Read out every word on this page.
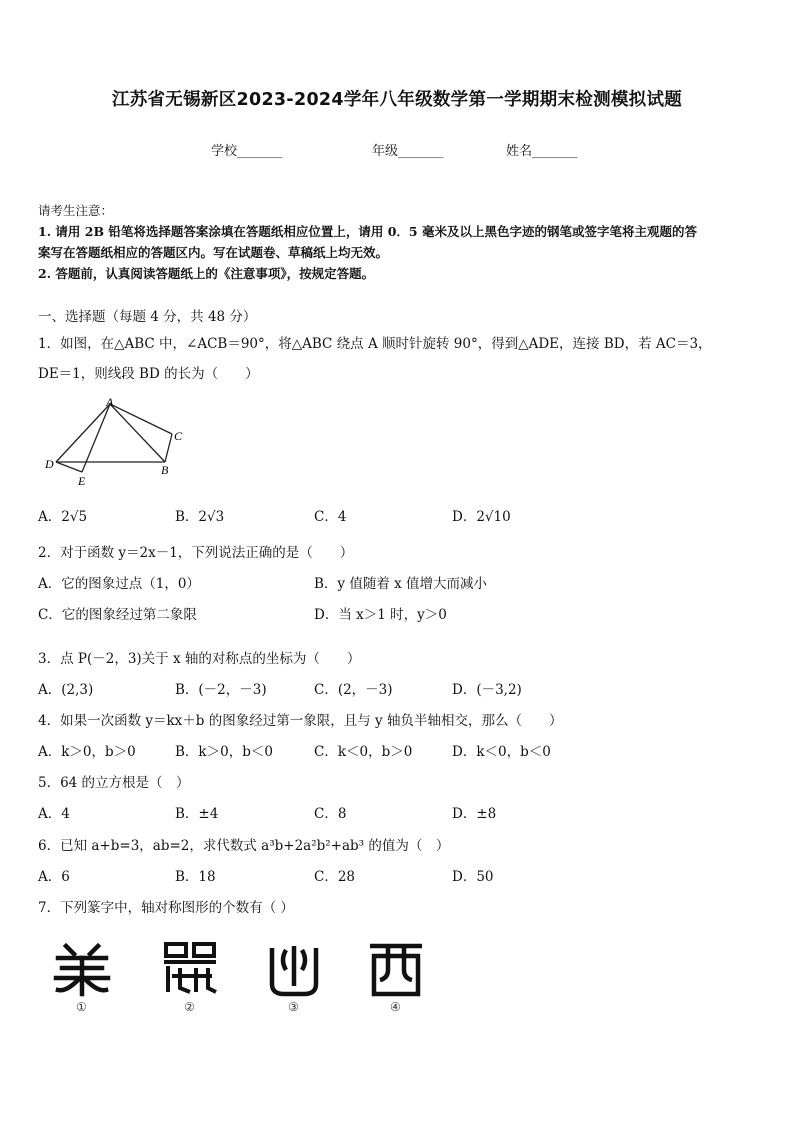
江苏省无锡新区2023-2024学年八年级数学第一学期期末检测模拟试题
学校_______	年级_______	姓名_______
请考生注意：
1. 请用 2B 铅笔将选择题答案涂填在答题纸相应位置上，请用 0．5 毫米及以上黑色字迹的钢笔或签字笔将主观题的答
案写在答题纸相应的答题区内。写在试题卷、草稿纸上均无效。
2. 答题前，认真阅读答题纸上的《注意事项》，按规定答题。
一、选择题（每题 4 分，共 48 分）
1．如图，在△ABC 中，∠ACB＝90°，将△ABC 绕点 A 顺时针旋转 90°，得到△ADE，连接 BD，若 AC＝3，
DE＝1，则线段 BD 的长为（　　）
A
C
D	B
E
A．2√5	B．2√3	C．4	D．2√10
2．对于函数 y＝2x－1，下列说法正确的是（　　）
A．它的图象过点（1，0）	B．y 值随着 x 值增大而减小
C．它的图象经过第二象限	D．当 x＞1 时，y＞0
3．点 P(－2，3)关于 x 轴的对称点的坐标为（　　）
A．(2,3)	B．(－2，－3)	C．(2，－3)	D．(－3,2)
4．如果一次函数 y＝kx＋b 的图象经过第一象限，且与 y 轴负半轴相交，那么（　　）
A．k＞0，b＞0	B．k＞0，b＜0	C．k＜0，b＞0	D．k＜0，b＜0
5．64 的立方根是（　）
A．4	B．±4	C．8	D．±8
6．已知 a+b=3，ab=2，求代数式 a³b+2a²b²+ab³ 的值为（　）
A．6	B．18	C．28	D．50
7．下列篆字中，轴对称图形的个数有（ ）
①	②	③	④
